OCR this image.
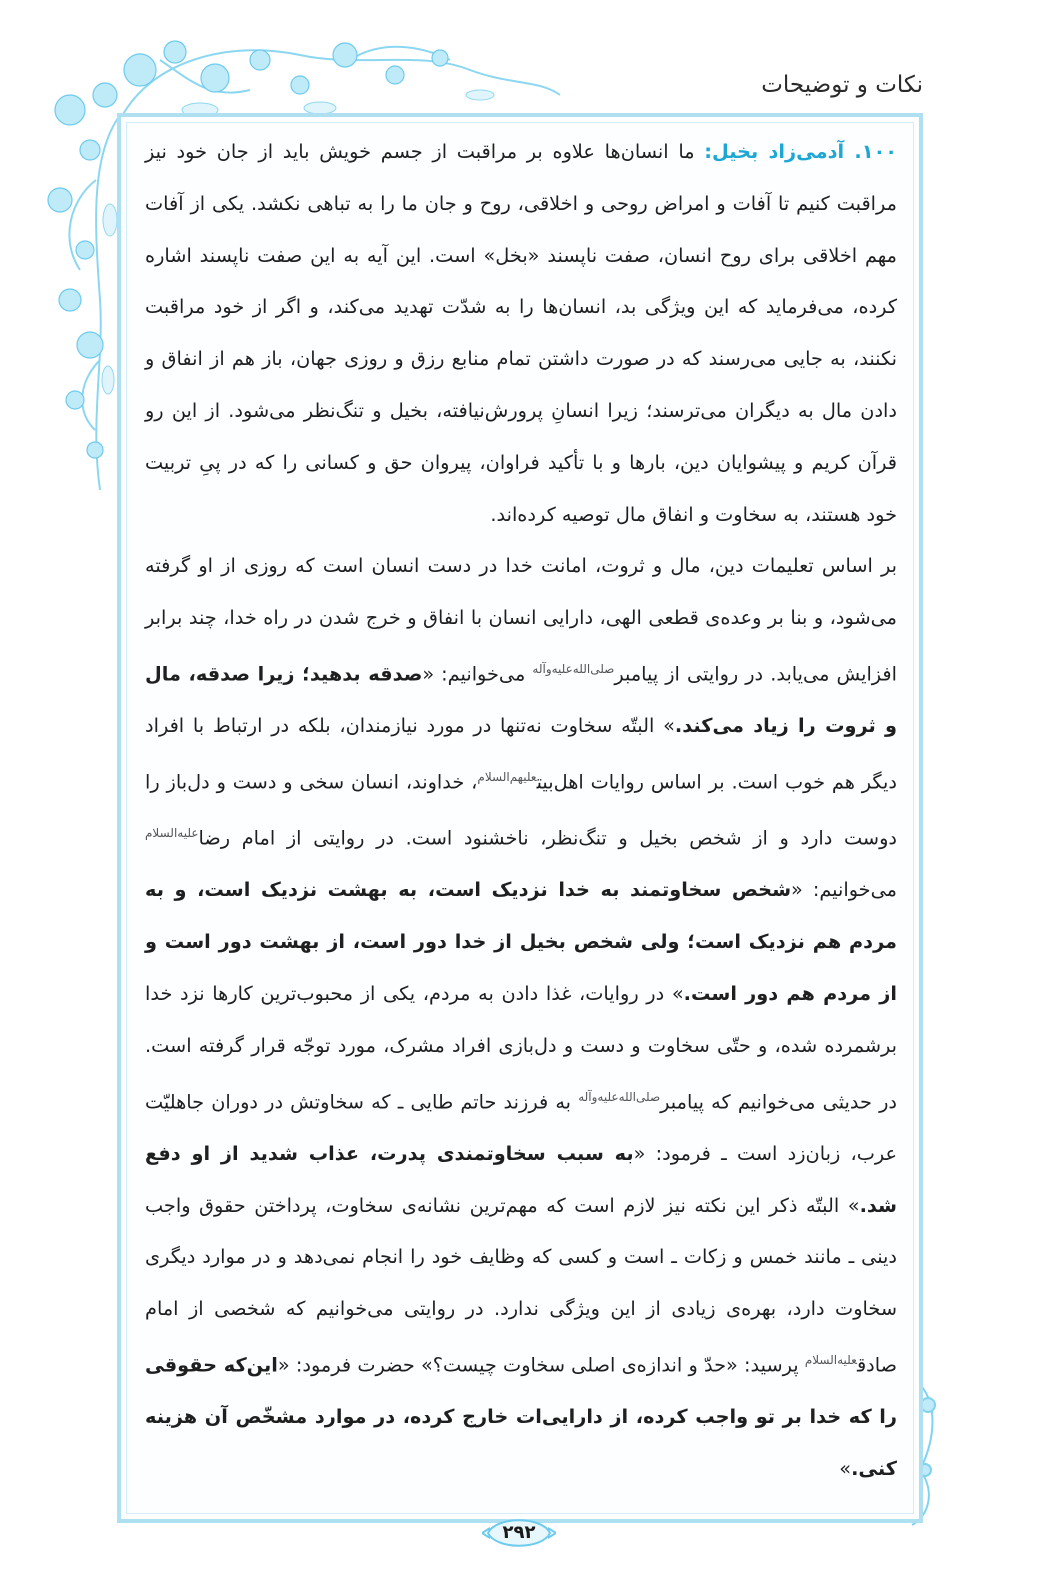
نکات و توضیحات

۱۰۰. آدمی‌زاد بخیل: ما انسان‌ها علاوه بر مراقبت از جسم خویش باید از جان خود نیز مراقبت کنیم تا آفات و امراض روحی و اخلاقی، روح و جان ما را به تباهی نکشد. یکی از آفات مهم اخلاقی برای روح انسان، صفت ناپسند «بخل» است. این آیه به این صفت ناپسند اشاره کرده، می‌فرماید که این ویژگی بد، انسان‌ها را به شدّت تهدید می‌کند، و اگر از خود مراقبت نکنند، به جایی می‌رسند که در صورت داشتن تمام منابع رزق و روزی جهان، باز هم از انفاق و دادن مال به دیگران می‌ترسند؛ زیرا انسانِ پرورش‌نیافته، بخیل و تنگ‌نظر می‌شود. از این رو قرآن کریم و پیشوایان دین، بارها و با تأکید فراوان، پیروان حق و کسانی را که در پیِ تربیت خود هستند، به سخاوت و انفاق مال توصیه کرده‌اند.

بر اساس تعلیمات دین، مال و ثروت، امانت خدا در دست انسان است که روزی از او گرفته می‌شود، و بنا بر وعده‌ی قطعی الهی، دارایی انسان با انفاق و خرج شدن در راه خدا، چند برابر افزایش می‌یابد. در روایتی از پیامبر$^{صلی‌الله‌علیه‌وآله}$ می‌خوانیم: «صدقه بدهید؛ زیرا صدقه، مال و ثروت را زیاد می‌کند.» البتّه سخاوت نه‌تنها در مورد نیازمندان، بلکه در ارتباط با افراد دیگر هم خوب است. بر اساس روایات اهل‌بیت$^{علیهم‌السلام}$، خداوند، انسان سخی و دست و دل‌باز را دوست دارد و از شخص بخیل و تنگ‌نظر، ناخشنود است. در روایتی از امام رضا$^{علیه‌السلام}$ می‌خوانیم: «شخص سخاوتمند به خدا نزدیک است، به بهشت نزدیک است، و به مردم هم نزدیک است؛ ولی شخص بخیل از خدا دور است، از بهشت دور است و از مردم هم دور است.» در روایات، غذا دادن به مردم، یکی از محبوب‌ترین کارها نزد خدا برشمرده شده، و حتّی سخاوت و دست و دل‌بازی افراد مشرک، مورد توجّه قرار گرفته است. در حدیثی می‌خوانیم که پیامبر$^{صلی‌الله‌علیه‌وآله}$ به فرزند حاتم طایی ـ که سخاوتش در دوران جاهلیّت عرب، زبان‌زد است ـ فرمود: «به سبب سخاوتمندی پدرت، عذاب شدید از او دفع شد.» البتّه ذکر این نکته نیز لازم است که مهم‌ترین نشانه‌ی سخاوت، پرداختن حقوق واجب دینی ـ مانند خمس و زکات ـ است و کسی که وظایف خود را انجام نمی‌دهد و در موارد دیگری سخاوت دارد، بهره‌ی زیادی از این ویژگی ندارد. در روایتی می‌خوانیم که شخصی از امام صادق$^{علیه‌السلام}$ پرسید: «حدّ و اندازه‌ی اصلی سخاوت چیست؟» حضرت فرمود: «این‌که حقوقی را که خدا بر تو واجب کرده، از دارایی‌ات خارج کرده، در موارد مشخّص آن هزینه کنی.»

۲۹۲
